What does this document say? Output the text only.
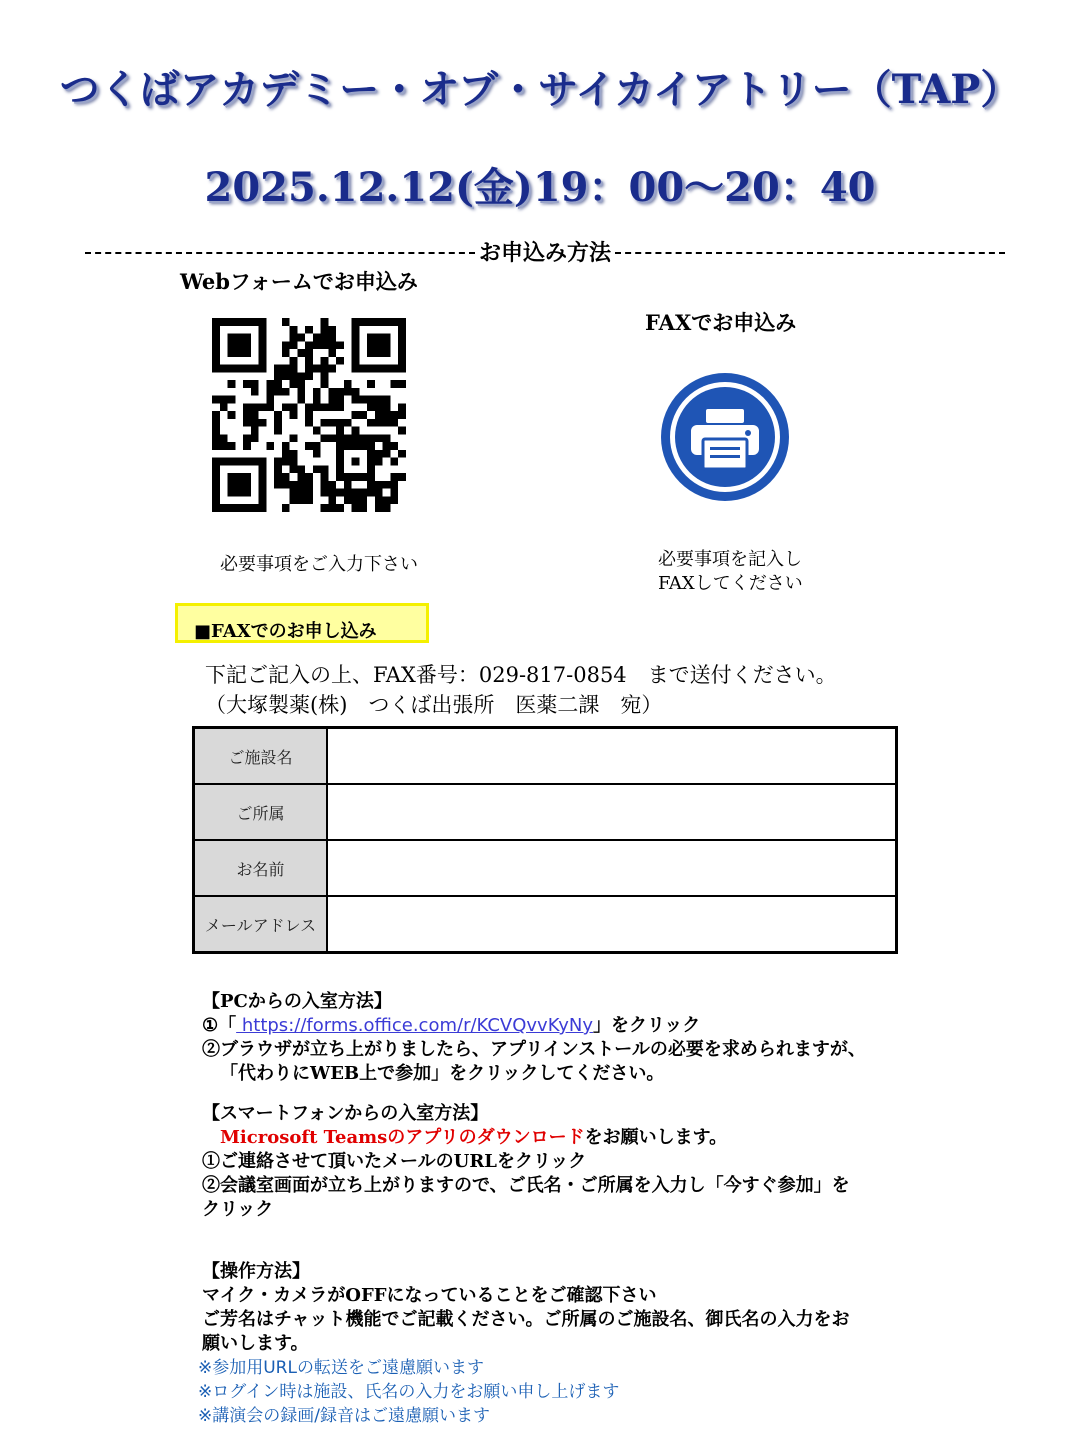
つくばアカデミー・オブ・サイカイアトリー（TAP）
2025.12.12(金)19：00～20：40
お申込み方法
Webフォームでお申込み
FAXでお申込み
必要事項をご入力下さい	必要事項を記入し
FAXしてください
■FAXでのお申し込み
下記ご記入の上、FAX番号：029‐817‐0854　まで送付ください。
（大塚製薬(株)　つくば出張所　医薬二課　宛）
ご施設名	
ご所属	
お名前	
メールアドレス	

【PCからの入室方法】

①「 https://forms.office.com/r/KCVQvvKyNy」をクリック

②ブラウザが立ち上がりましたら、アプリインストールの必要を求められますが、

「代わりにWEB上で参加」をクリックしてください。

【スマートフォンからの入室方法】

Microsoft Teamsのアプリのダウンロードをお願いします。

①ご連絡させて頂いたメールのURLをクリック

②会議室画面が立ち上がりますので、ご氏名・ご所属を入力し「今すぐ参加」を

クリック

【操作方法】

マイク・カメラがOFFになっていることをご確認下さい

ご芳名はチャット機能でご記載ください。ご所属のご施設名、御氏名の入力をお

願いします。

※参加用URLの転送をご遠慮願います

※ログイン時は施設、氏名の入力をお願い申し上げます

※講演会の録画/録音はご遠慮願います
